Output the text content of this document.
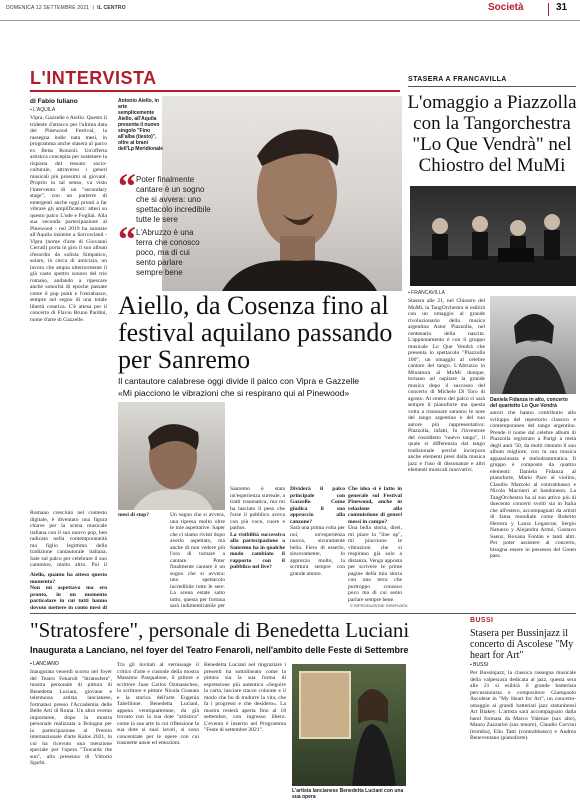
DOMENICA 12 SETTEMBRE 2021  |  IL CENTRO	Società	31
L'INTERVISTA
di Fabio Iuliano
▪ L'AQUILA
Vipra, Gazzelle e Aiello. Questo il tridente d'attacco per l'ultima data del Pinewood Festival, la rassegna indie nata mesi, in programma anche stasera al parco ex Beiss Ronzoli. Un'offerta artistica concepita per sostenere la risposta del tessuto socio-culturale, attraverso i generi musicali più prossimi ai giovani. Proprio in tal senso, va visto l'intervento di un "secondary stage", con un parterre di emergenti anche oggi pronti a far vibrare gli amplificatori: attesi su questo palco L'ode e Fogliai. Alla sua seconda partecipazione al Pinewood - nel 2019 ha suonato all'Aquila insieme a Sorrowland - Vipra (nome d'arte di Giovanni Cerrati) porta in giro il suo album d'esordio da solista Simpatico, solare, in cerca di amicizia, un lavoro che ampia ulteriormente il già vasto spettro sonoro del trio romano, andando a ripescare anche sonorità di epoche passate come il pop punk e l'ostrahasce, sempre nel segno di una totale libertà creativa. C'è attesa per il concerto di Flavio Bruno Pardini, nome d'arte di Gazzelle.
Romano cresciuto nel contesto digitale, è diventato una figura chiave per la scena musicale italiana con il suo nuovo pop, ben radicato nella contemporaneità ma figlio legittimo della tradizione cantautorale italiana. Sale sul palco per celebrare il suo cammino, molto altro. Poi il

Aiello, quanto ha atteso questo momento?

Non mi aspettavo ma ero pronto, in un momento particolare in cui tutti hanno dovuto mettere in conto mesi di

Antonio Aiello, in arte semplicemente Aiello, all'Aquila presenta il nuovo singolo "Fino all'alba (tiesto)", oltre ai brani dell'Lp Meridionale
“ Poter finalmente cantare è un sogno che si avvera: uno spettacolo incredibile tutte le sere
“ L'Abruzzo è una terra che conosco poco, ma di cui sento parlare sempre bene
Aiello, da Cosenza fino al festival aquilano passando per Sanremo
Il cantautore calabrese oggi divide il palco con Vipra e Gazzelle
«Mi piacciono le vibrazioni che si respirano qui al Pinewood»

mesi di stop?	Un sogno che si avvera, una ripresa molto oltre le mie aspettative. Saper che ci siamo rivisti dopo averlo aspettato, ma anche di non vedere più l'ora di tornare a cantare. Poter finalmente cantare è un sogno che si avvera: uno spettacolo incredibile tutte le sere. La scena estate salto tutto, questa per fortuna sarà indimenticabile per

Sanremo è stata un'esperienza surreale, a tratti traumatica, ma mi ha lasciato il peso che forse il pubblico aveva con più voce, cuore e pathos.

La visibilità successiva alla partecipazione a Sanremo ha in qualche modo cambiato il rapporto con il pubblico nel live?

Dividerà il palco principale con Gazzelle. Come giudica il suo approccio alla canzone?

Sarà una prima volta per noi, un'esperienza nuova, sicuramente bella. Fiero di esserlo, sinceramente, lo apprezzo molto, la scrittura sempre con grande amore.

Che idea si è fatto in generale sul Festival Pinewood, anche in relazione alla commistione di generi messi in campo?

Una bella storia, direi, mi piace la "line up", mi piacciono le vibrazioni che si respirano già solo a distanza. Venga apposta per scrivere le prime pagine della mia storia con una terra che purtroppo conosco poco ma di cui sento parlare sempre bene.

© RIPRODUZIONE RISERVATA
STASERA A FRANCAVILLA
L'omaggio a Piazzolla con la Tangorchestra "Lo Que Vendrà" nel Chiostro del MuMi
▪ FRANCAVILLA
Stasera alle 21, nel Chiostro del MuMi, la TangOrchestra si esibirà con un omaggio al grande rivoluzionario della musica argentina Astor Piazzolla, nel centenario della nascita. L'appuntamento è con il gruppo musicale Lo Que Vendrà che presenta lo spettacolo "Piazzolla 100", un omaggio al celebre cantore del tango. L'Abruzzo in Miniatura al MuMi dunque, tornano ad ospitare la grande musica dopo il successo del concerto di Michele Di Toro di agosto. Al centro del palco ci sarà sempre il pianoforte ma questa volta a risuonare saranno le note del tango argentino e del suo autore più rappresentativo: Piazzolla, infatti, fu l'inventore del cosiddetto "nuevo tango", il quale si differenzia dal tango tradizionale perché incorpora anche elementi presi dalla musica jazz e l'uso di dissonanze e altri elementi musicali innovativi.
Daniela Fidanza in alto, concerto del quartetto Lo Que Vendrà
autori che hanno contribuito allo sviluppo del repertorio classico e contemporaneo del tango argentino. Prende il nome dal celebre album di Piazzolla registrato a Parigi a metà degli anni '50, da molti ritenuto il suo album migliore, con la sua musica appassionata e melodrammatica. Il gruppo è composto da quattro elementi: Daniela Fidanza al pianoforte, Mario Pace al violino, Claudio Marzolo al contrabbasso e Nicola Macrueri al bandoneon. La TangOrchestra ha al suo attivo più di duecento concerti svolti sia in Italia che all'estero, accompagnati da artisti di fama mondiale come Roberto Herrera y Laura Legazcue, Sergio Natuezo y Alejandra Armó, Gustavo Saenz, Roxana Fontán e tanti altri. Per poter assistere al concerto, bisogna essere in possesso del Green pass.
"Stratosfere", personale di Benedetta Luciani
Inaugurata a Lanciano, nel foyer del Teatro Fenaroli, nell'ambito delle Feste di Settembre
▪ LANCIANO
Inaugurata venerdì scorso nel foyer del Teatro Fenaroli "Stratosfere", mostra personale di pittura di Benedetta Luciani, giovane e talentuosa artista lancianese, formatasi presso l'Accademia delle Belle Arti di Roma. Un altro evento importante, dopo la mostra personale realizzata a Bologna per la partecipazione al Premio internazionale d'arte Kalos 2021, in cui ha ricevuto una menzione speciale per l'opera "Towards the sun", alla presenza di Vittorio Sgarbi.
Tra gli invitati al vernissage il critico d'arte e custode della mostra Massimo Pasqualone, il pittore e scrittore Juan Carlos Ozmasecheo, lo scrittore e pittore Nicola Granata e la storica dell'arte Eugenia Tabellione. Benedetta Luciani, appena ventiquattrenne, da già trovato con la sua dote "artistica" come la sua arte la cui riflessione la sua dote si suoi lavori, si sono concentrate per le opere con cui trasmette ansie ed emozioni.
Benedetta Luciani nel ringraziare i presenti ha sottolineato come la pittura sia la sua forma di espressione più autentica «Seguire la carta, lasciare tracce colorate e il modo che ho di tradurre la vita, che fa i progressi e che desidero». La mostra resterà aperta fino al 18 settembre, con ingresso libero. L'evento è inserito nel Programma "Feste di settembre 2021".
L'artista lancianese Benedetta Luciani con una sua opera
BUSSI
Stasera per Bussinjazz il concerto di Ascolese "My heart for Art"
▪ BUSSI
Per Bussinjazz, la classica rassegna musicale della valpescara dedicata al jazz, questa sera alle 21 si esibirà il grande batterista percussionista e compositore Giampaolo Ascolese in "My Heart for Art", un concerto-omaggio ai grandi batteristi jazz statunitensi Art Blakey. L'artista sarà accompagnato dalla band formata da Marco Valenze (sax alto), Mauro Zazzarini (sax tenore), Claudio Corvini (tromba), Elio Tatti (contrabbasso) e Andrea Beneventano (pianoforte).
